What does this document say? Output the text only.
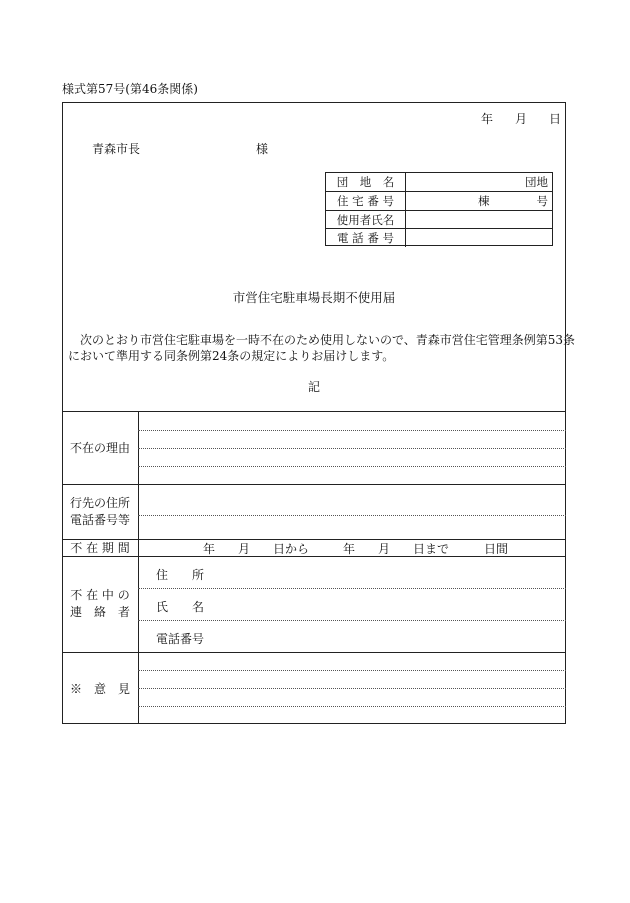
様式第57号(第46条関係)
年 月 日
青森市長	様
団　地　名	団地
住 宅 番 号	棟	号
使用者氏名
電 話 番 号
市営住宅駐車場長期不使用届
　次のとおり市営住宅駐車場を一時不在のため使用しないので、青森市営住宅管理条例第53条
において準用する同条例第24条の規定によりお届けします。
記
不在の理由
行先の住所
電話番号等
不 在 期 間	年 月 日から	年 月 日まで	日間
不 在 中 の
連　絡　者
住　　所
氏　　名
電話番号
※　意　見
